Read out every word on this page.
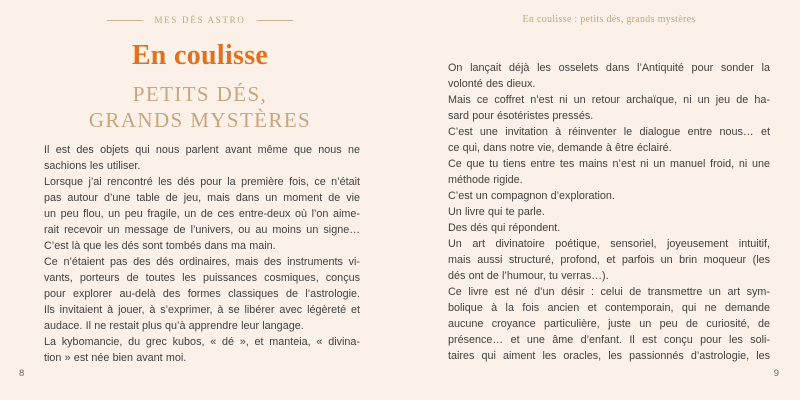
MES DÉS ASTRO
En coulisse
PETITS DÉS,
GRANDS MYSTÈRES
Il est des objets qui nous parlent avant même que nous ne
sachions les utiliser.
Lorsque j’ai rencontré les dés pour la première fois, ce n’était
pas autour d’une table de jeu, mais dans un moment de vie
un peu flou, un peu fragile, un de ces entre-deux où l’on aime-
rait recevoir un message de l’univers, ou au moins un signe…
C’est là que les dés sont tombés dans ma main.
Ce n’étaient pas des dés ordinaires, mais des instruments vi-
vants, porteurs de toutes les puissances cosmiques, conçus
pour explorer au-delà des formes classiques de l’astrologie.
Ils invitaient à jouer, à s’exprimer, à se libérer avec légèreté et
audace. Il ne restait plus qu’à apprendre leur langage.
La kybomancie, du grec kubos, « dé », et manteia, « divina-
tion » est née bien avant moi.
8
En coulisse : petits dés, grands mystères
On lançait déjà les osselets dans l’Antiquité pour sonder la
volonté des dieux.
Mais ce coffret n’est ni un retour archaïque, ni un jeu de ha-
sard pour ésotéristes pressés.
C’est une invitation à réinventer le dialogue entre nous… et
ce qui, dans notre vie, demande à être éclairé.
Ce que tu tiens entre tes mains n’est ni un manuel froid, ni une
méthode rigide.
C’est un compagnon d’exploration.
Un livre qui te parle.
Des dés qui répondent.
Un art divinatoire poétique, sensoriel, joyeusement intuitif,
mais aussi structuré, profond, et parfois un brin moqueur (les
dés ont de l’humour, tu verras…).
Ce livre est né d’un désir : celui de transmettre un art sym-
bolique à la fois ancien et contemporain, qui ne demande
aucune croyance particulière, juste un peu de curiosité, de
présence… et une âme d’enfant. Il est conçu pour les soli-
taires qui aiment les oracles, les passionnés d’astrologie, les
9
